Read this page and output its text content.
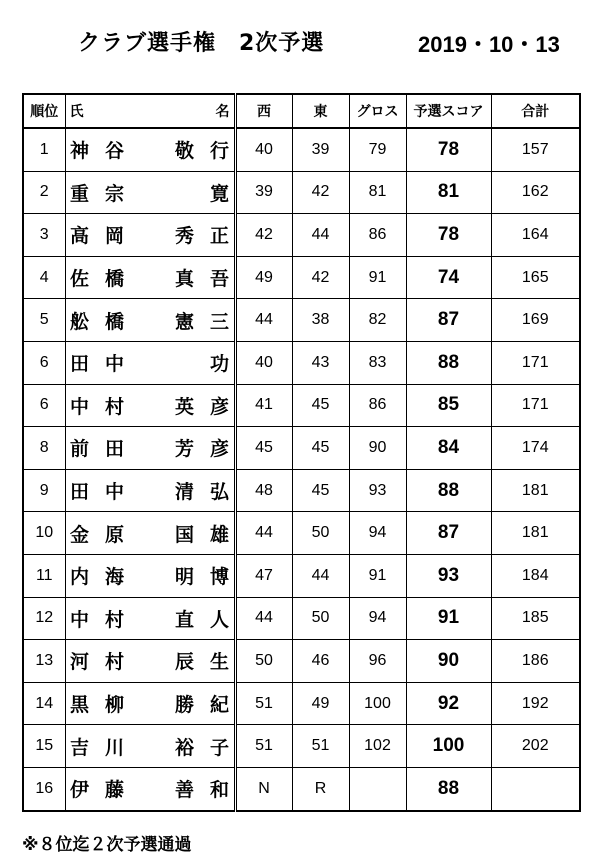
クラブ選手権　2次予選	2019・10・13
順位	氏 名	西	東	グロス	予選スコア	合計
1	神 谷 敬 行	40	39	79	78	157
2	重 宗 寛	39	42	81	81	162
3	高 岡 秀 正	42	44	86	78	164
4	佐 橋 真 吾	49	42	91	74	165
5	舩 橋 憲 三	44	38	82	87	169
6	田 中 功	40	43	83	88	171
6	中 村 英 彦	41	45	86	85	171
8	前 田 芳 彦	45	45	90	84	174
9	田 中 清 弘	48	45	93	88	181
10	金 原 国 雄	44	50	94	87	181
11	内 海 明 博	47	44	91	93	184
12	中 村 直 人	44	50	94	91	185
13	河 村 辰 生	50	46	96	90	186
14	黒 柳 勝 紀	51	49	100	92	192
15	吉 川 裕 子	51	51	102	100	202
16	伊 藤 善 和	N	R		88	
※８位迄２次予選通過
